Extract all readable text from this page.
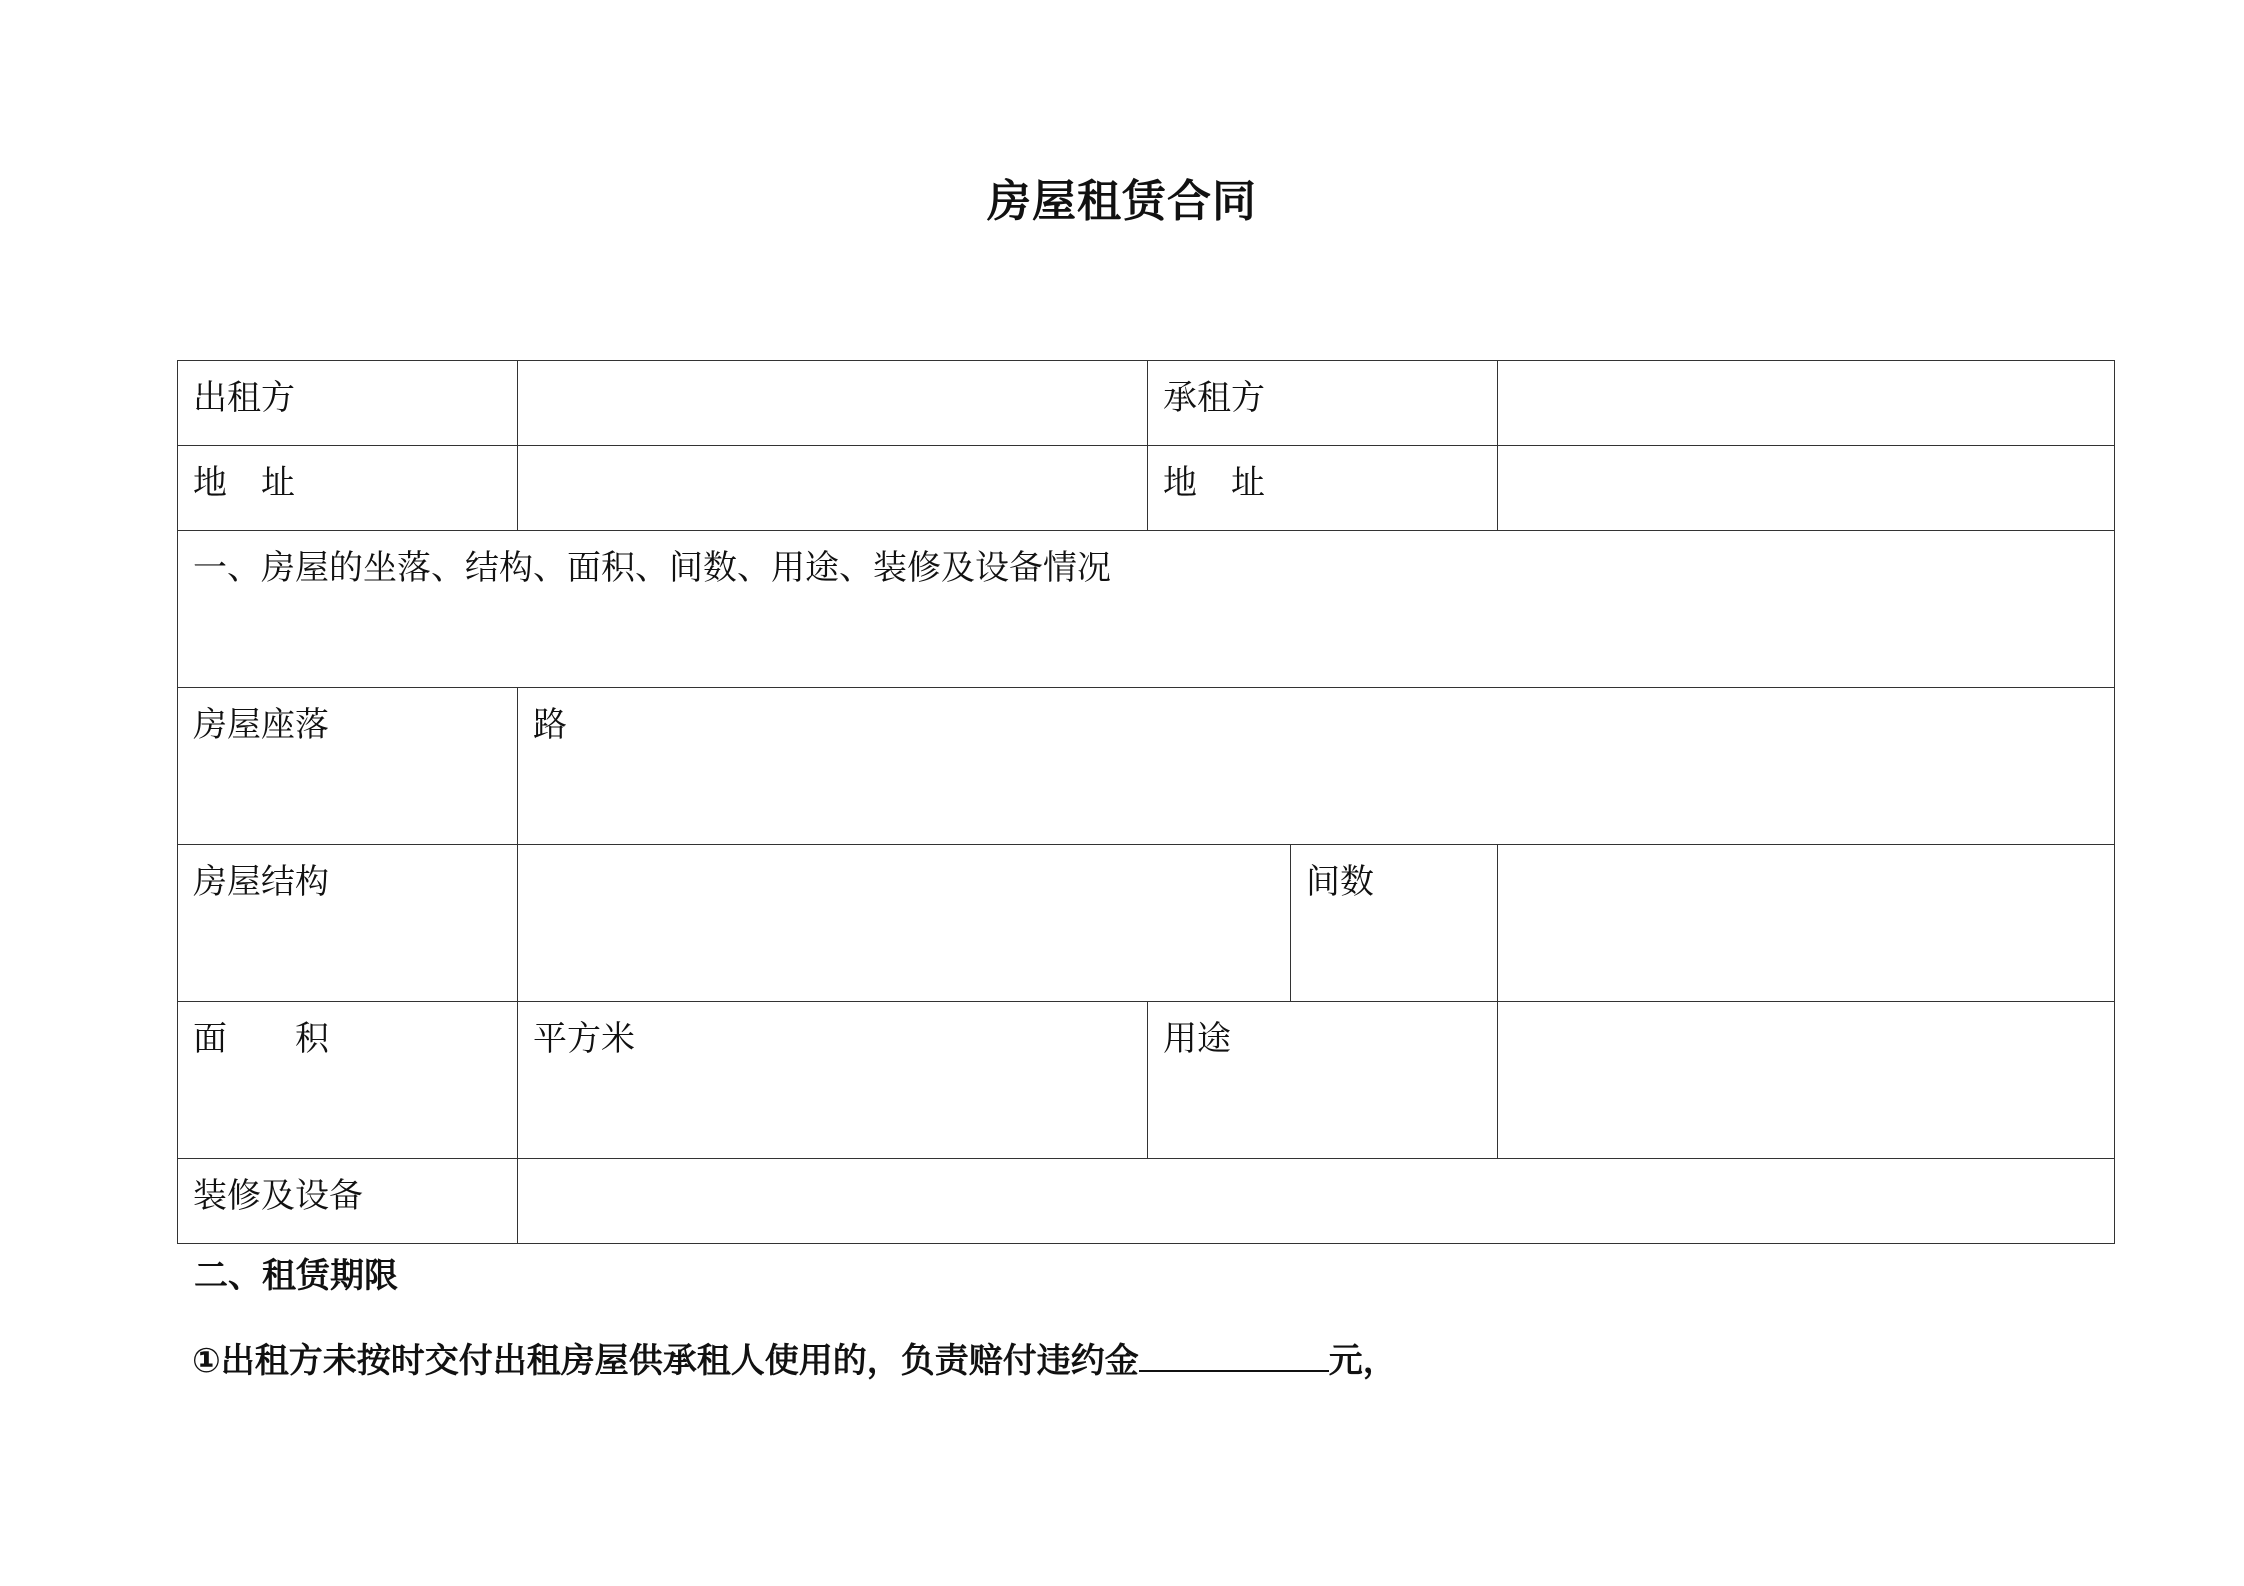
房屋租赁合同
出租方		承租方		
地　址		地　址		
一、房屋的坐落、结构、面积、间数、用途、装修及设备情况				
房屋座落	路			
房屋结构			间数	
面　　积	平方米	用途		
装修及设备				
二、租赁期限
①出租方未按时交付出租房屋供承租人使用的，负责赔付违约金	元，
